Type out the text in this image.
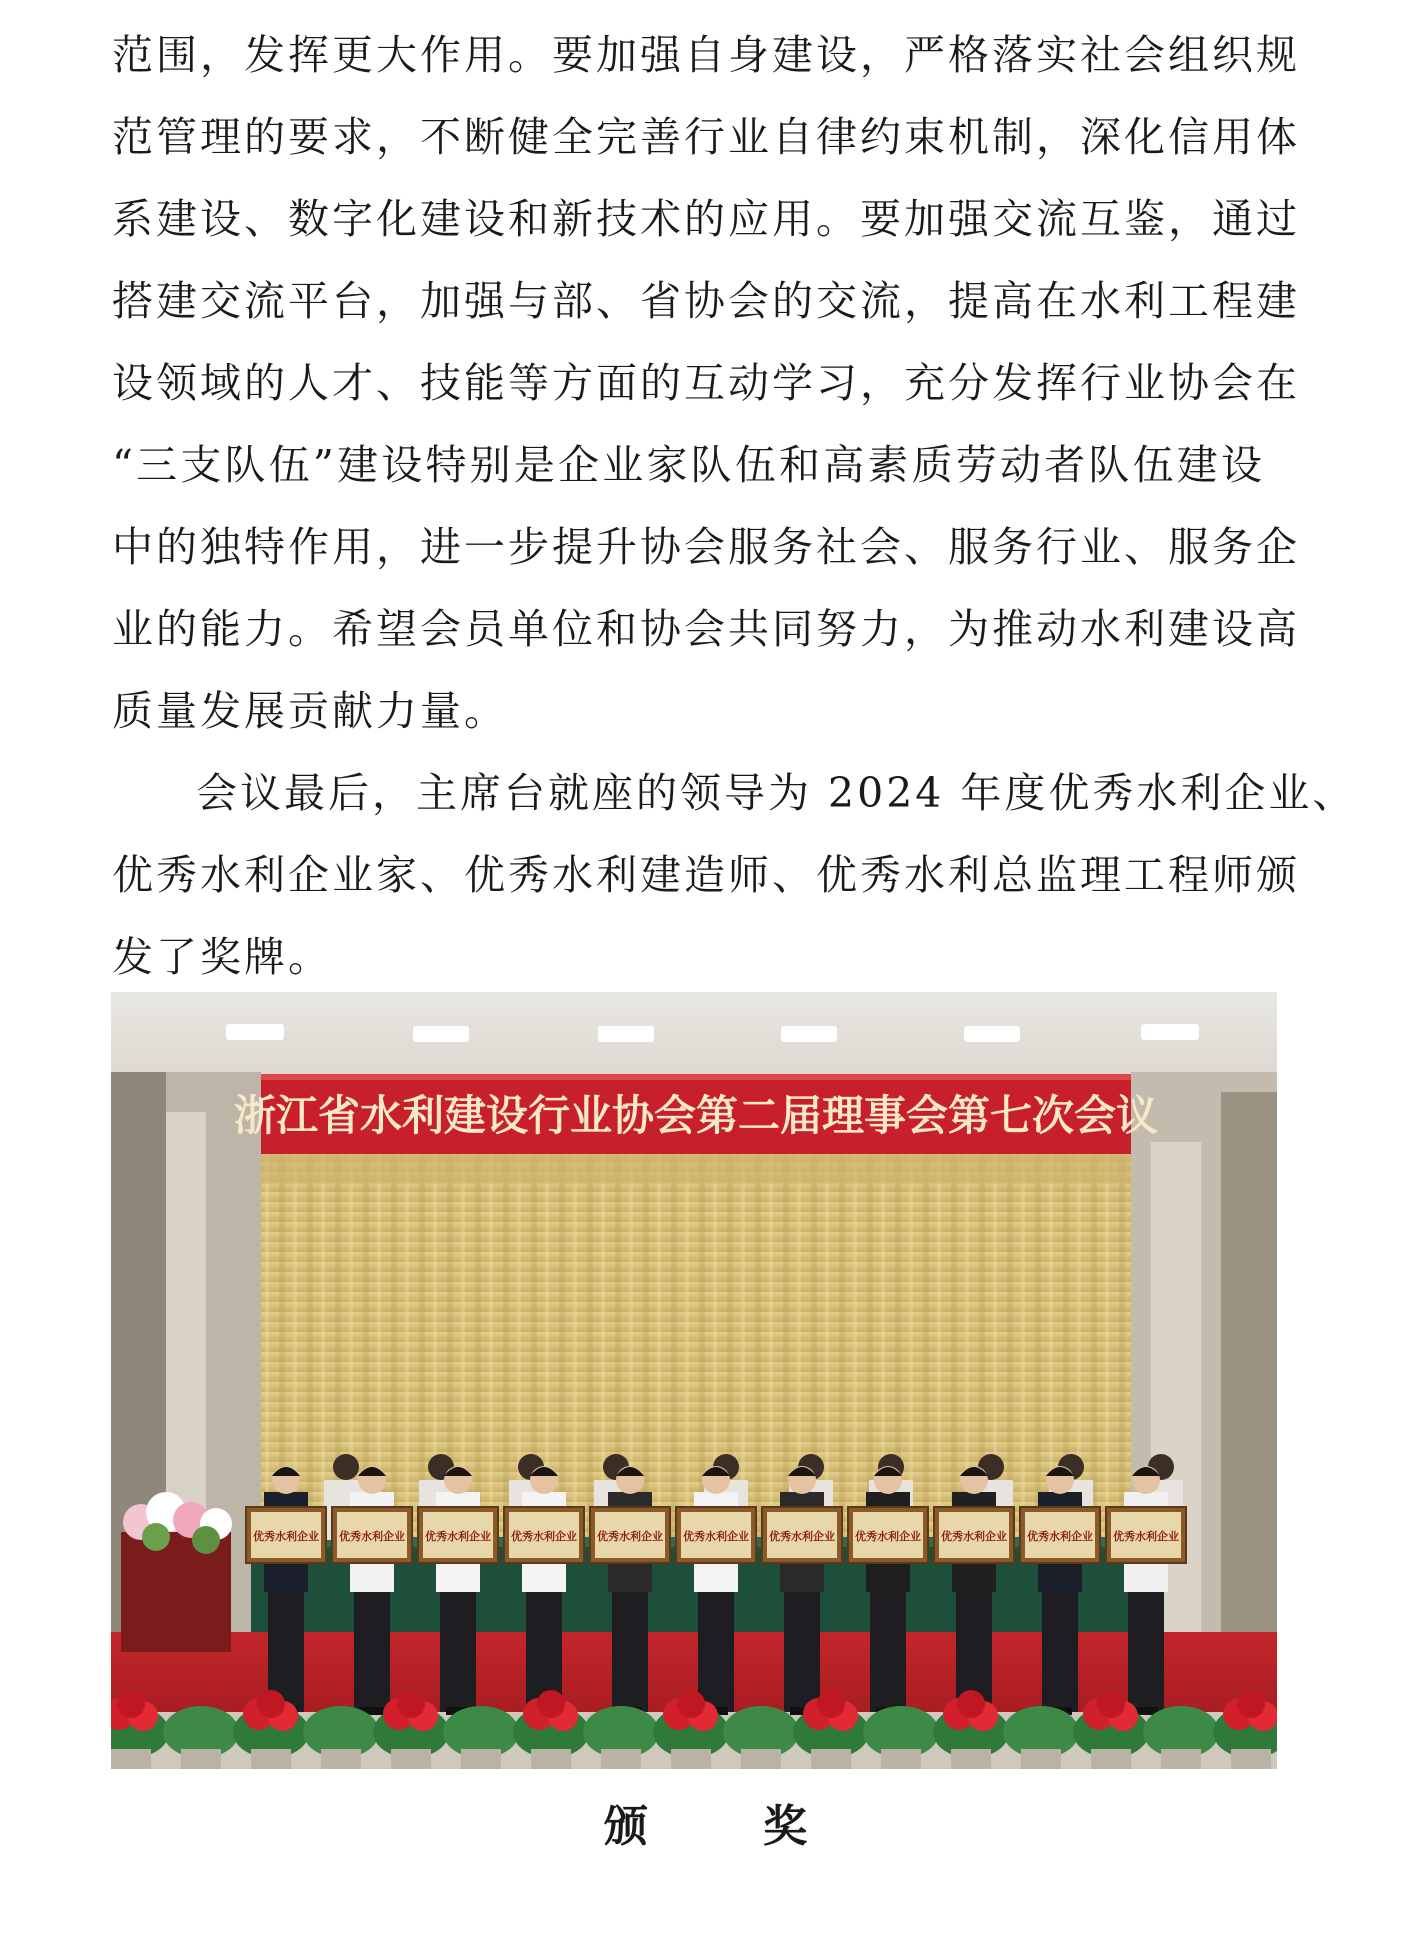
范围，发挥更大作用。要加强自身建设，严格落实社会组织规
范管理的要求，不断健全完善行业自律约束机制，深化信用体
系建设、数字化建设和新技术的应用。要加强交流互鉴，通过
搭建交流平台，加强与部、省协会的交流，提高在水利工程建
设领域的人才、技能等方面的互动学习，充分发挥行业协会在
“三支队伍”建设特别是企业家队伍和高素质劳动者队伍建设
中的独特作用，进一步提升协会服务社会、服务行业、服务企
业的能力。希望会员单位和协会共同努力，为推动水利建设高
质量发展贡献力量。
会议最后，主席台就座的领导为 2024 年度优秀水利企业、
优秀水利企业家、优秀水利建造师、优秀水利总监理工程师颁
发了奖牌。
浙江省水利建设行业协会第二届理事会第七次会议
优秀水利企业 优秀水利企业 优秀水利企业 优秀水利企业 优秀水利企业 优秀水利企业 优秀水利企业 优秀水利企业 优秀水利企业 优秀水利企业 优秀水利企业
颁 奖
